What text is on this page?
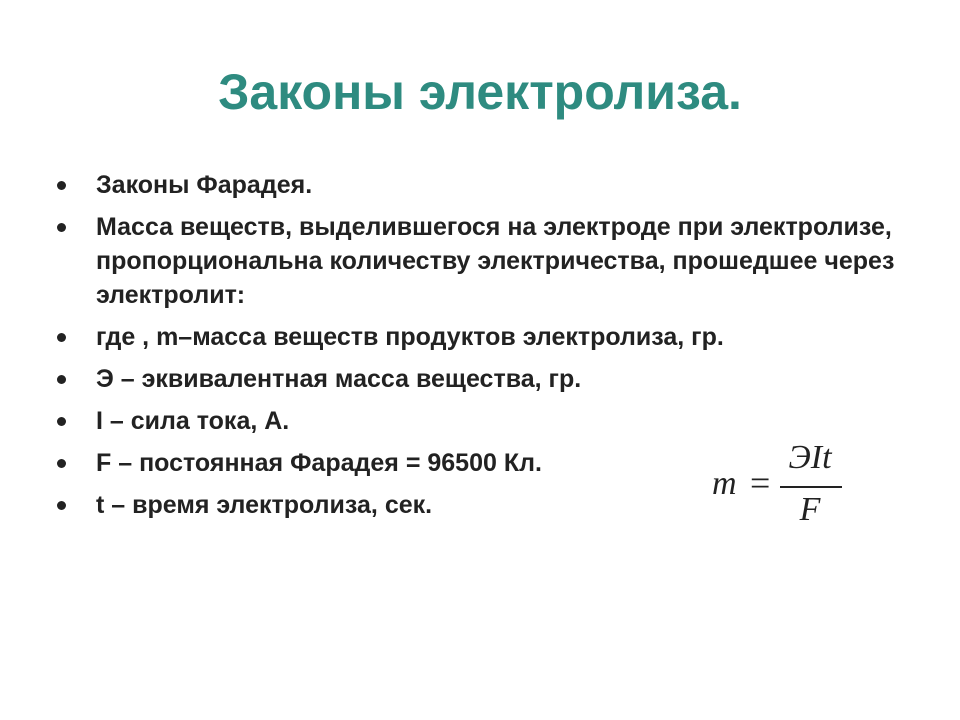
Законы электролиза.
Законы Фарадея.
Масса веществ, выделившегося на электроде при электролизе, пропорциональна количеству электричества, прошедшее через электролит:
где , m–масса веществ продуктов электролиза, гр.
Э – эквивалентная масса вещества, гр.
I – сила тока, А.
F – постоянная Фарадея = 96500 Кл.
t – время электролиза, сек.
m =
ЭIt
F
